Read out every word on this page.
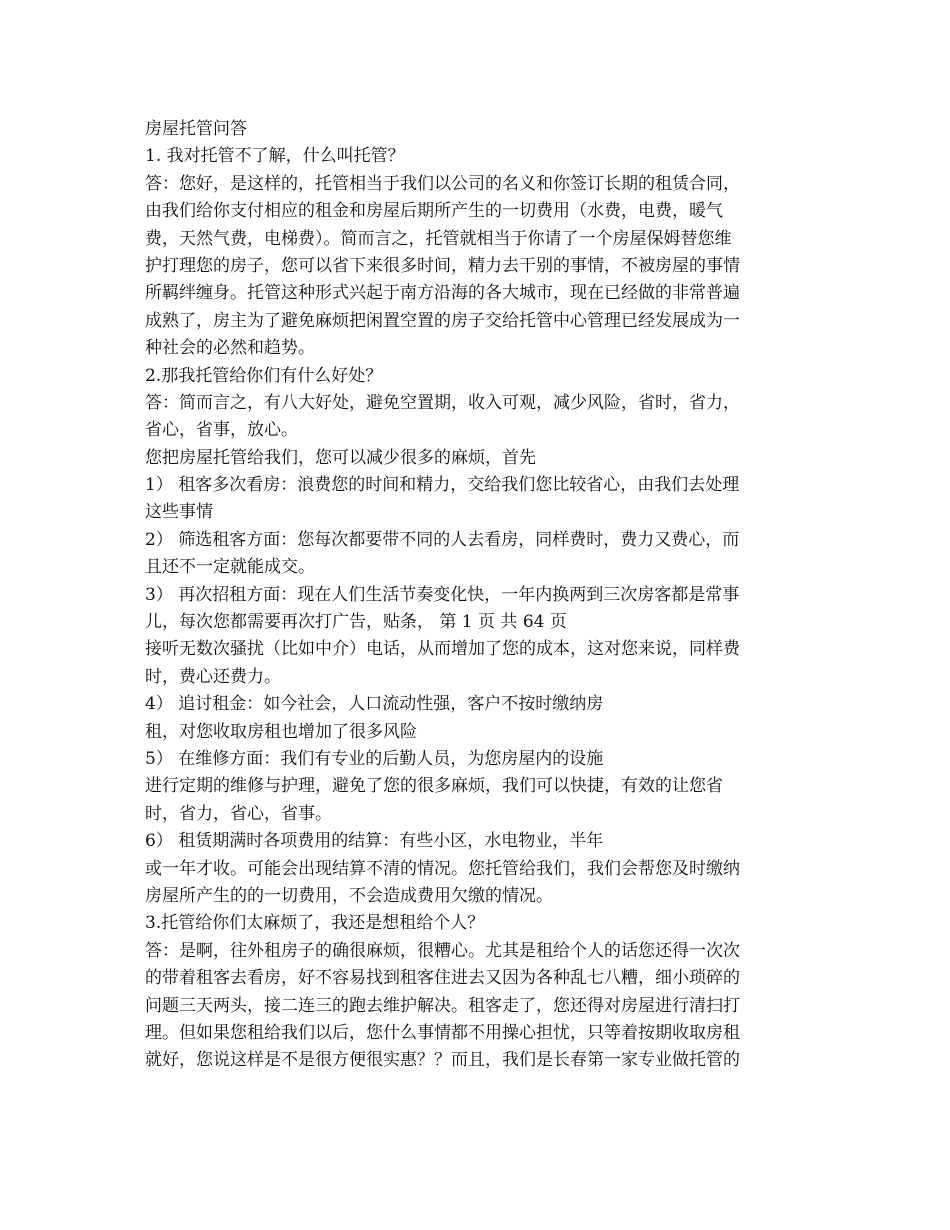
房屋托管问答
1. 我对托管不了解，什么叫托管？
答：您好，是这样的，托管相当于我们以公司的名义和你签订长期的租赁合同，
由我们给你支付相应的租金和房屋后期所产生的一切费用（水费，电费，暖气
费，天然气费，电梯费）。简而言之，托管就相当于你请了一个房屋保姆替您维
护打理您的房子，您可以省下来很多时间，精力去干别的事情，不被房屋的事情
所羁绊缠身。托管这种形式兴起于南方沿海的各大城市，现在已经做的非常普遍
成熟了，房主为了避免麻烦把闲置空置的房子交给托管中心管理已经发展成为一
种社会的必然和趋势。
2.那我托管给你们有什么好处？
答：简而言之，有八大好处，避免空置期，收入可观，减少风险，省时，省力，
省心，省事，放心。
您把房屋托管给我们，您可以减少很多的麻烦，首先
1） 租客多次看房：浪费您的时间和精力，交给我们您比较省心，由我们去处理
这些事情
2） 筛选租客方面：您每次都要带不同的人去看房，同样费时，费力又费心，而
且还不一定就能成交。
3） 再次招租方面：现在人们生活节奏变化快，一年内换两到三次房客都是常事
儿，每次您都需要再次打广告，贴条， 第 1 页 共 64 页
接听无数次骚扰（比如中介）电话，从而增加了您的成本，这对您来说，同样费
时，费心还费力。
4） 追讨租金：如今社会，人口流动性强，客户不按时缴纳房
租，对您收取房租也增加了很多风险
5） 在维修方面：我们有专业的后勤人员，为您房屋内的设施
进行定期的维修与护理，避免了您的很多麻烦，我们可以快捷，有效的让您省
时，省力，省心，省事。
6） 租赁期满时各项费用的结算：有些小区，水电物业，半年
或一年才收。可能会出现结算不清的情况。您托管给我们，我们会帮您及时缴纳
房屋所产生的的一切费用，不会造成费用欠缴的情况。
3.托管给你们太麻烦了，我还是想租给个人？
答：是啊，往外租房子的确很麻烦，很糟心。尤其是租给个人的话您还得一次次
的带着租客去看房，好不容易找到租客住进去又因为各种乱七八糟，细小琐碎的
问题三天两头，接二连三的跑去维护解决。租客走了，您还得对房屋进行清扫打
理。但如果您租给我们以后，您什么事情都不用操心担忧，只等着按期收取房租
就好，您说这样是不是很方便很实惠？？而且，我们是长春第一家专业做托管的
